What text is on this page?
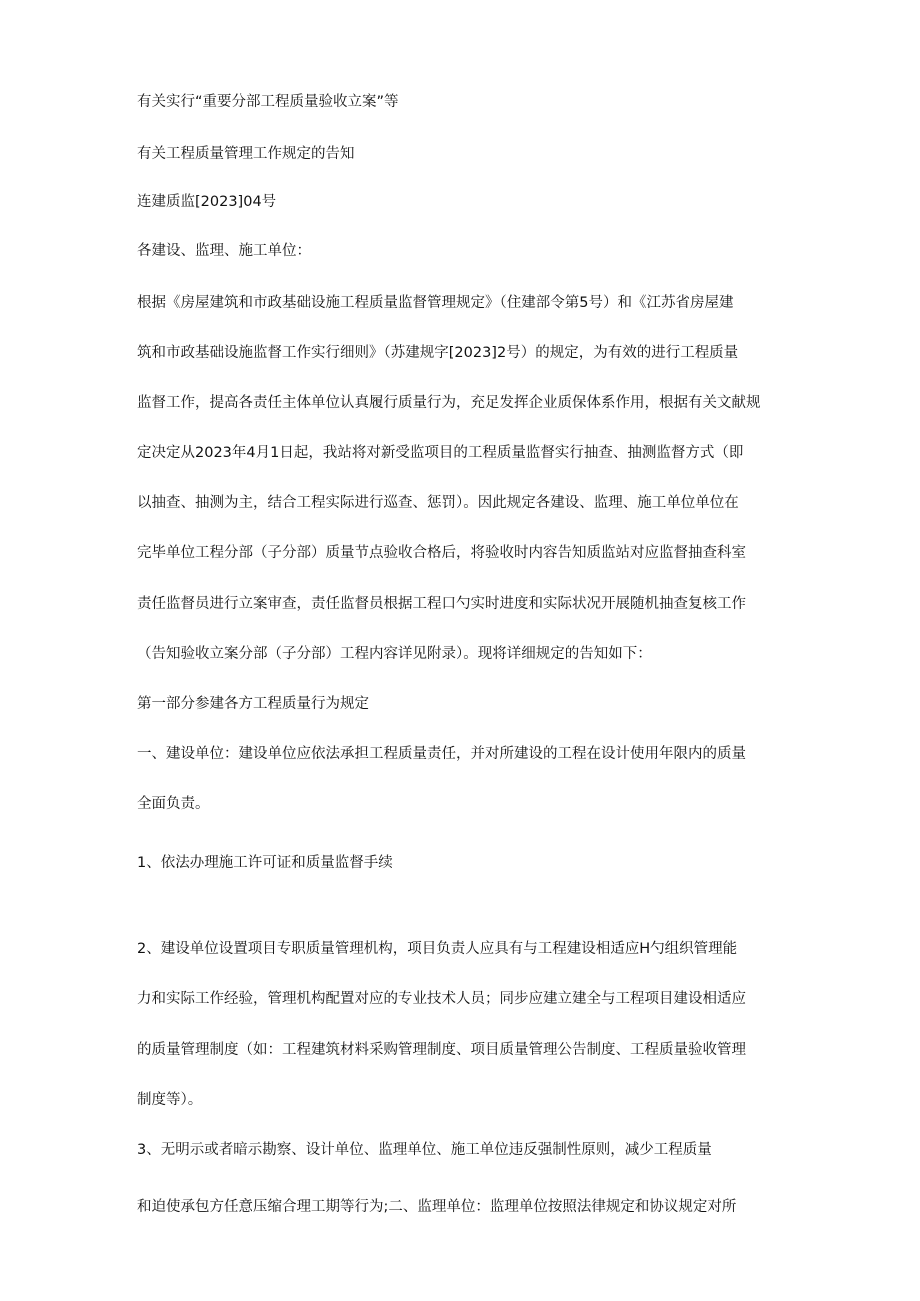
有关实行“重要分部工程质量验收立案”等
有关工程质量管理工作规定的告知
连建质监[2023]04号
各建设、监理、施工单位：
根据《房屋建筑和市政基础设施工程质量监督管理规定》（住建部令第5号）和《江苏省房屋建
筑和市政基础设施监督工作实行细则》（苏建规字[2023]2号）的规定，为有效的进行工程质量
监督工作，提高各责任主体单位认真履行质量行为，充足发挥企业质保体系作用，根据有关文献规
定决定从2023年4月1日起，我站将对新受监项目的工程质量监督实行抽查、抽测监督方式（即
以抽查、抽测为主，结合工程实际进行巡查、惩罚）。因此规定各建设、监理、施工单位单位在
完毕单位工程分部（子分部）质量节点验收合格后，将验收时内容告知质监站对应监督抽查科室
责任监督员进行立案审查，责任监督员根据工程口勺实时进度和实际状况开展随机抽查复核工作
（告知验收立案分部（子分部）工程内容详见附录）。现将详细规定的告知如下：
第一部分参建各方工程质量行为规定
一、建设单位：建设单位应依法承担工程质量责任，并对所建设的工程在设计使用年限内的质量
全面负责。
1、依法办理施工许可证和质量监督手续
2、建设单位设置项目专职质量管理机构，项目负责人应具有与工程建设相适应H勺组织管理能
力和实际工作经验，管理机构配置对应的专业技术人员；同步应建立建全与工程项目建设相适应
的质量管理制度（如：工程建筑材料采购管理制度、项目质量管理公告制度、工程质量验收管理
制度等）。
3、无明示或者暗示勘察、设计单位、监理单位、施工单位违反强制性原则，减少工程质量
和迫使承包方任意压缩合理工期等行为;二、监理单位：监理单位按照法律规定和协议规定对所
